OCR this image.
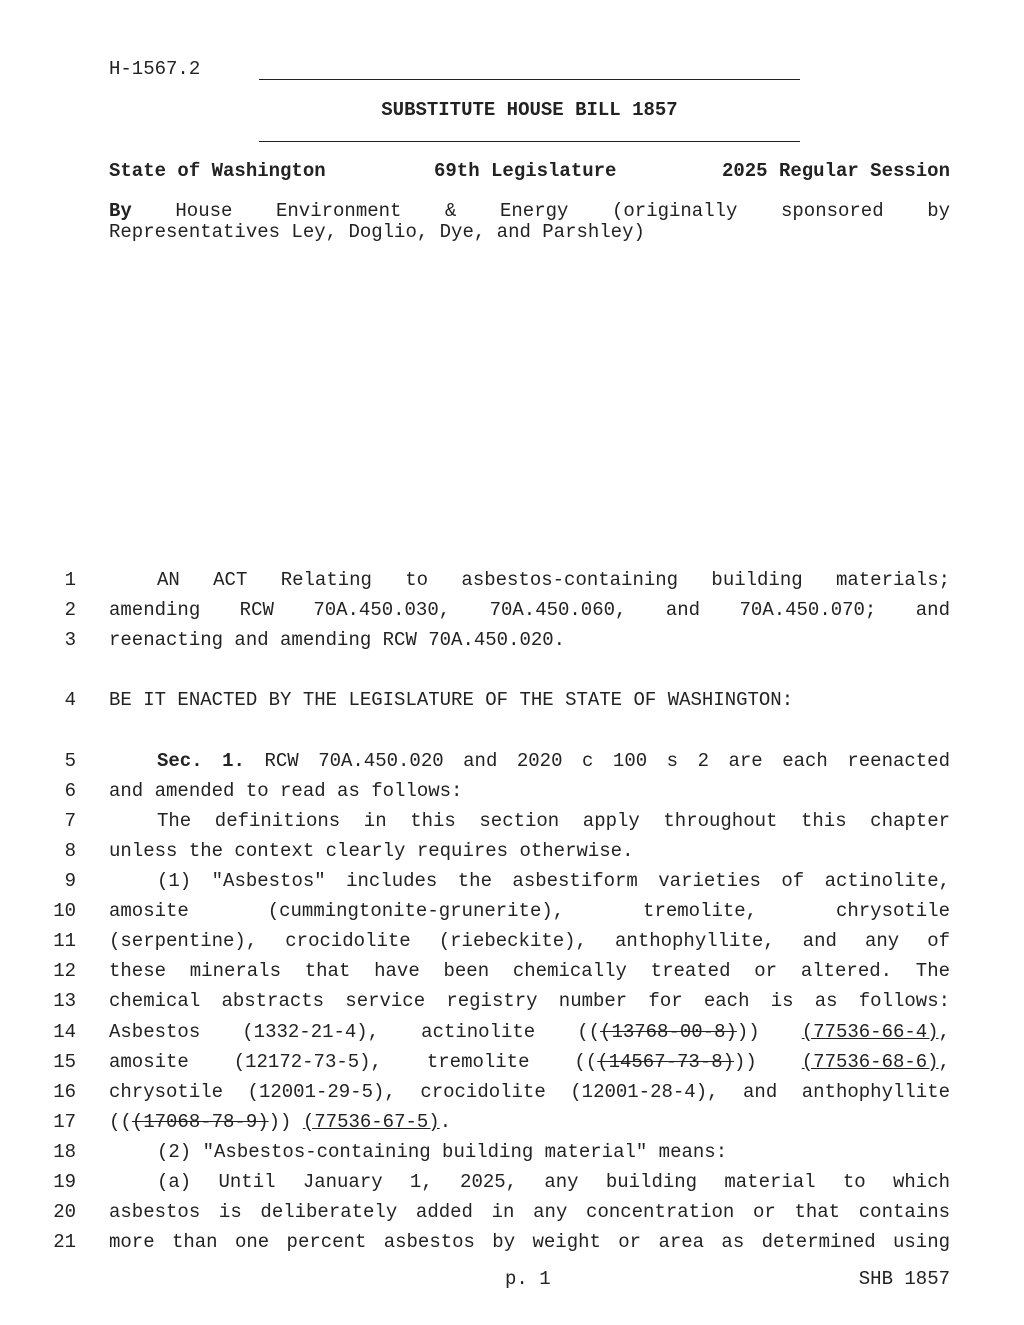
H-1567.2
SUBSTITUTE HOUSE BILL 1857
State of Washington	69th Legislature	2025 Regular Session
By House Environment & Energy (originally sponsored by
Representatives Ley, Doglio, Dye, and Parshley)
1
2
3
4
5
6
7
8
9
10
11
12
13
14
15
16
17
18
19
20
21
AN ACT Relating to asbestos-containing building materials;
amending RCW 70A.450.030, 70A.450.060, and 70A.450.070; and
reenacting and amending RCW 70A.450.020.
BE IT ENACTED BY THE LEGISLATURE OF THE STATE OF WASHINGTON:
Sec. 1. RCW 70A.450.020 and 2020 c 100 s 2 are each reenacted
and amended to read as follows:
The definitions in this section apply throughout this chapter
unless the context clearly requires otherwise.
(1) "Asbestos" includes the asbestiform varieties of actinolite,
amosite (cummingtonite-grunerite), tremolite, chrysotile
(serpentine), crocidolite (riebeckite), anthophyllite, and any of
these minerals that have been chemically treated or altered. The
chemical abstracts service registry number for each is as follows:
Asbestos (1332-21-4), actinolite (((13768-00-8))) (77536-66-4),
amosite (12172-73-5), tremolite (((14567-73-8))) (77536-68-6),
chrysotile (12001-29-5), crocidolite (12001-28-4), and anthophyllite
(((17068-78-9))) (77536-67-5).
(2) "Asbestos-containing building material" means:
(a) Until January 1, 2025, any building material to which
asbestos is deliberately added in any concentration or that contains
more than one percent asbestos by weight or area as determined using
p. 1	SHB 1857
